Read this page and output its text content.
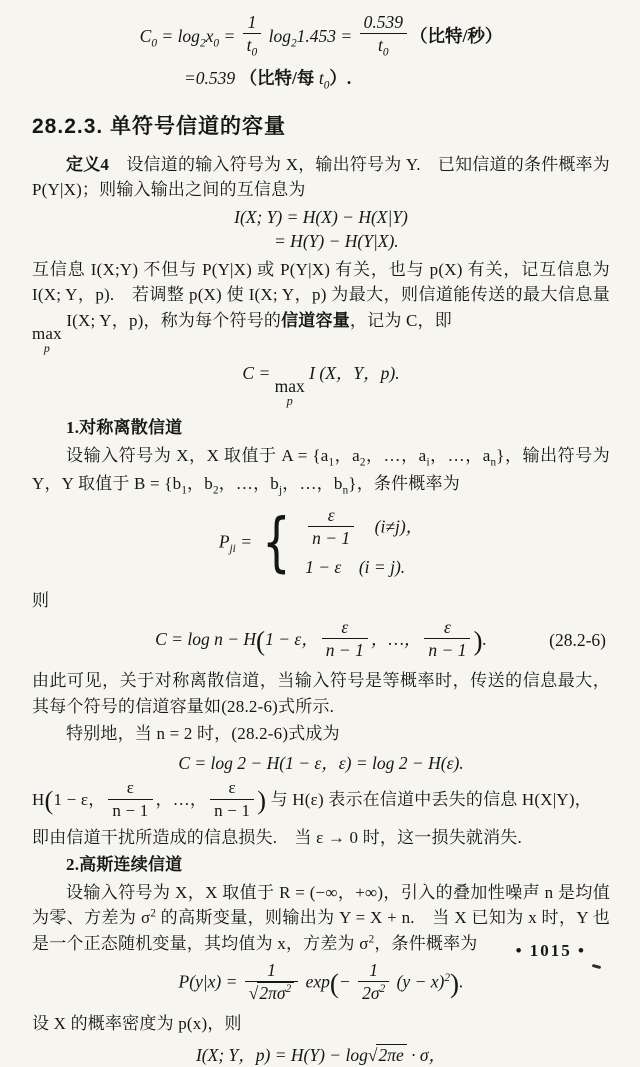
$C_0 = \log_2x_0 = \frac{1}{t_0} \log_21.453 = \frac{0.539}{t_0}$ （比特/秒）
=0.539 （比特/每 $t_0$）.
28.2.3. 单符号信道的容量

定义4　设信道的输入符号为 X，输出符号为 Y.　已知信道的条件概率为 P(Y|X)；则输入输出之间的互信息为

I(X; Y) = H(X) − H(X|Y)
= H(Y) − H(Y|X).

互信息 I(X;Y) 不但与 P(Y|X) 或 P(Y|X) 有关，也与 p(X) 有关，记互信息为 I(X; Y，p).　若调整 p(X) 使 I(X; Y，p) 为最大，则信道能传送的最大信息量
max
p
I(X; Y，p)，称为每个符号的信道容量，记为 C，即

C =
max
p
I (X，Y，p).

1.对称离散信道

设输入符号为 X，X 取值于 $A = \{a_1$，$a_2$，…，$a_i$，…，$a_n$}，输出符号为 Y，Y 取值于 $B = \{b_1$，$b_2$，…，$b_j$，…，$b_n$}，条件概率为

$P_{ji}$ = { $\frac{\varepsilon}{n - 1}$ 　(i≠j)，
1 − ε　(i = j).

则

C = log n − H(1 − ε， $\frac{\varepsilon}{n - 1}$ ，…， $\frac{\varepsilon}{n - 1}$ ).	(28.2-6)

由此可见，关于对称离散信道，当输入符号是等概率时，传送的信息最大，其每个符号的信道容量如(28.2-6)式所示.

特别地，当 n = 2 时，(28.2-6)式成为

C = log 2 − H(1 − ε，ε) = log 2 − H(ε).

H(1 − ε， $\frac{\varepsilon}{n - 1}$ ，…， $\frac{\varepsilon}{n - 1}$ ) 与 H(ε) 表示在信道中丢失的信息 H(X|Y)，

即由信道干扰所造成的信息损失.　当 ε → 0 时，这一损失就消失.

2.高斯连续信道

设输入符号为 X，X 取值于 R = (−∞，+∞)，引入的叠加性噪声 n 是均值为零、方差为 $\sigma^2$ 的高斯变量，则输出为 Y = X + n.　当 X 已知为 x 时，Y 也是一个正态随机变量，其均值为 x，方差为 $\sigma^2$，条件概率为

$P(y|x) = \frac{1}{√2\pi\sigma^2} \exp(- \frac{1}{2\sigma^2} (y - x)^2)$.

设 X 的概率密度为 p(x)，则

I(X; Y，p) = H(Y) − log√2πe · σ，
• 1015 •
